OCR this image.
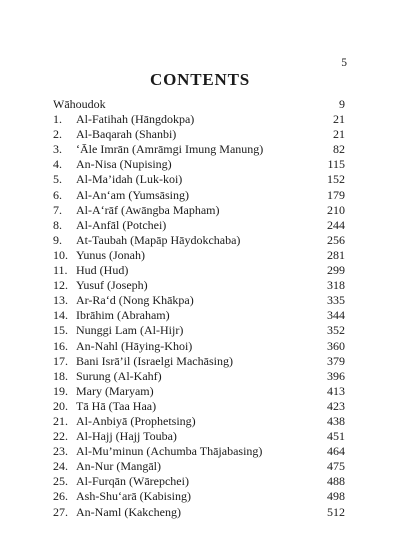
5
CONTENTS
Wāhoudok	9
1.	Al-Fatihah (Hāngdokpa)	21
2.	Al-Baqarah (Shanbi)	21
3.	ʻĀle Imrān (Amrāmgi Imung Manung)	82
4.	An-Nisa (Nupising)	115
5.	Al-Ma’idah (Luk-koi)	152
6.	Al-An‘am (Yumsāsing)	179
7.	Al-A‘rāf (Awāngba Mapham)	210
8.	Al-Anfāl (Potchei)	244
9.	At-Taubah (Mapāp Hāydokchaba)	256
10. Yunus (Jonah)	281
11. Hud (Hud)	299
12. Yusuf (Joseph)	318
13. Ar-Ra‘d (Nong Khākpa)	335
14. Ibrāhim (Abraham)	344
15. Nunggi Lam (Al-Hijr)	352
16. An-Nahl (Hāying-Khoi)	360
17. Bani Isrā’il (Israelgi Machāsing)	379
18. Surung (Al-Kahf)	396
19. Mary (Maryam)	413
20. Tā Hā (Taa Haa)	423
21. Al-Anbiyā (Prophetsing)	438
22. Al-Hajj (Hajj Touba)	451
23. Al-Mu’minun (Achumba Thājabasing)	464
24. An-Nur (Mangāl)	475
25. Al-Furqān (Wārepchei)	488
26. Ash-Shu‘arā (Kabising)	498
27. An-Naml (Kakcheng)	512
